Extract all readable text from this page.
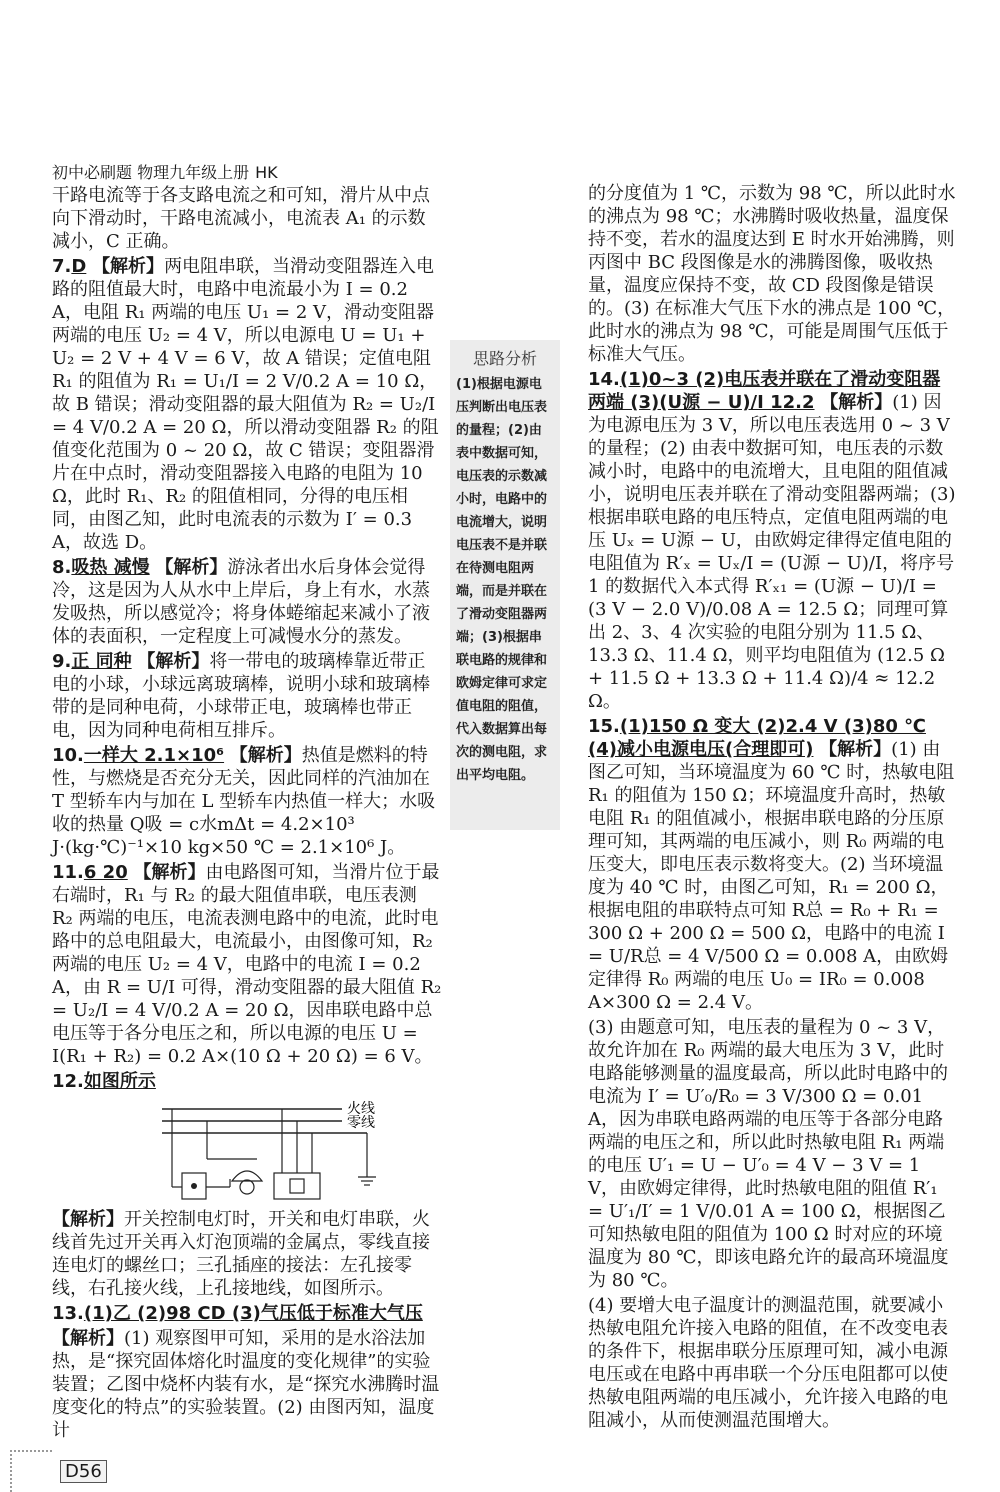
初中必刷题 物理九年级上册 HK

干路电流等于各支路电流之和可知，滑片从中点向下滑动时，干路电流减小，电流表 A₁ 的示数减小，C 正确。

7.D 【解析】两电阻串联，当滑动变阻器连入电路的阻值最大时，电路中电流最小为 I = 0.2 A，电阻 R₁ 两端的电压 U₁ = 2 V，滑动变阻器两端的电压 U₂ = 4 V，所以电源电 U = U₁ + U₂ = 2 V + 4 V = 6 V，故 A 错误；定值电阻 R₁ 的阻值为 R₁ = U₁/I = 2 V/0.2 A = 10 Ω，故 B 错误；滑动变阻器的最大阻值为 R₂ = U₂/I = 4 V/0.2 A = 20 Ω，所以滑动变阻器 R₂ 的阻值变化范围为 0 ~ 20 Ω，故 C 错误；变阻器滑片在中点时，滑动变阻器接入电路的电阻为 10 Ω，此时 R₁、R₂ 的阻值相同，分得的电压相同，由图乙知，此时电流表的示数为 I′ = 0.3 A，故选 D。

8.吸热 减慢 【解析】游泳者出水后身体会觉得冷，这是因为人从水中上岸后，身上有水，水蒸发吸热，所以感觉冷；将身体蜷缩起来减小了液体的表面积，一定程度上可减慢水分的蒸发。

9.正 同种 【解析】将一带电的玻璃棒靠近带正电的小球，小球远离玻璃棒，说明小球和玻璃棒带的是同种电荷，小球带正电，玻璃棒也带正电，因为同种电荷相互排斥。

10.一样大 2.1×10⁶ 【解析】热值是燃料的特性，与燃烧是否充分无关，因此同样的汽油加在 T 型轿车内与加在 L 型轿车内热值一样大；水吸收的热量 Q吸 = c水mΔt = 4.2×10³ J·(kg·℃)⁻¹×10 kg×50 ℃ = 2.1×10⁶ J。

11.6 20 【解析】由电路图可知，当滑片位于最右端时，R₁ 与 R₂ 的最大阻值串联，电压表测 R₂ 两端的电压，电流表测电路中的电流，此时电路中的总电阻最大，电流最小，由图像可知，R₂ 两端的电压 U₂ = 4 V，电路中的电流 I = 0.2 A，由 R = U/I 可得，滑动变阻器的最大阻值 R₂ = U₂/I = 4 V/0.2 A = 20 Ω，因串联电路中总电压等于各分电压之和，所以电源的电压 U = I(R₁ + R₂) = 0.2 A×(10 Ω + 20 Ω) = 6 V。

12.如图所示

火线
零线

【解析】开关控制电灯时，开关和电灯串联，火线首先过开关再入灯泡顶端的金属点，零线直接连电灯的螺丝口；三孔插座的接法：左孔接零线，右孔接火线，上孔接地线，如图所示。

13.(1)乙 (2)98 CD (3)气压低于标准大气压

【解析】(1) 观察图甲可知，采用的是水浴法加热，是“探究固体熔化时温度的变化规律”的实验装置；乙图中烧杯内装有水，是“探究水沸腾时温度变化的特点”的实验装置。(2) 由图丙知，温度计

思路分析
(1)根据电源电压判断出电压表的量程；(2)由表中数据可知，电压表的示数减小时，电路中的电流增大，说明电压表不是并联在待测电阻两端，而是并联在了滑动变阻器两端；(3)根据串联电路的规律和欧姆定律可求定值电阻的阻值，代入数据算出每次的测电阻，求出平均电阻。

的分度值为 1 ℃，示数为 98 ℃，所以此时水的沸点为 98 ℃；水沸腾时吸收热量，温度保持不变，若水的温度达到 E 时水开始沸腾，则丙图中 BC 段图像是水的沸腾图像，吸收热量，温度应保持不变，故 CD 段图像是错误的。(3) 在标准大气压下水的沸点是 100 ℃，此时水的沸点为 98 ℃，可能是周围气压低于标准大气压。

14.(1)0~3 (2)电压表并联在了滑动变阻器两端 (3)(U源 − U)/I 12.2 【解析】(1) 因为电源电压为 3 V，所以电压表选用 0 ~ 3 V 的量程；(2) 由表中数据可知，电压表的示数减小时，电路中的电流增大，且电阻的阻值减小，说明电压表并联在了滑动变阻器两端；(3) 根据串联电路的电压特点，定值电阻两端的电压 Uₓ = U源 − U，由欧姆定律得定值电阻的电阻值为 R′ₓ = Uₓ/I = (U源 − U)/I，将序号 1 的数据代入本式得 R′ₓ₁ = (U源 − U)/I = (3 V − 2.0 V)/0.08 A = 12.5 Ω；同理可算出 2、3、4 次实验的电阻分别为 11.5 Ω、13.3 Ω、11.4 Ω，则平均电阻值为 (12.5 Ω + 11.5 Ω + 13.3 Ω + 11.4 Ω)/4 ≈ 12.2 Ω。

15.(1)150 Ω 变大 (2)2.4 V (3)80 ℃ (4)减小电源电压(合理即可) 【解析】(1) 由图乙可知，当环境温度为 60 ℃ 时，热敏电阻 R₁ 的阻值为 150 Ω；环境温度升高时，热敏电阻 R₁ 的阻值减小，根据串联电路的分压原理可知，其两端的电压减小，则 R₀ 两端的电压变大，即电压表示数将变大。(2) 当环境温度为 40 ℃ 时，由图乙可知，R₁ = 200 Ω，根据电阻的串联特点可知 R总 = R₀ + R₁ = 300 Ω + 200 Ω = 500 Ω，电路中的电流 I = U/R总 = 4 V/500 Ω = 0.008 A，由欧姆定律得 R₀ 两端的电压 U₀ = IR₀ = 0.008 A×300 Ω = 2.4 V。

(3) 由题意可知，电压表的量程为 0 ~ 3 V，故允许加在 R₀ 两端的最大电压为 3 V，此时电路能够测量的温度最高，所以此时电路中的电流为 I′ = U′₀/R₀ = 3 V/300 Ω = 0.01 A，因为串联电路两端的电压等于各部分电路两端的电压之和，所以此时热敏电阻 R₁ 两端的电压 U′₁ = U − U′₀ = 4 V − 3 V = 1 V，由欧姆定律得，此时热敏电阻的阻值 R′₁ = U′₁/I′ = 1 V/0.01 A = 100 Ω，根据图乙可知热敏电阻的阻值为 100 Ω 时对应的环境温度为 80 ℃，即该电路允许的最高环境温度为 80 ℃。

(4) 要增大电子温度计的测温范围，就要减小热敏电阻允许接入电路的阻值，在不改变电表的条件下，根据串联分压原理可知，减小电源电压或在电路中再串联一个分压电阻都可以使热敏电阻两端的电压减小，允许接入电路的电阻减小，从而使测温范围增大。

D56
